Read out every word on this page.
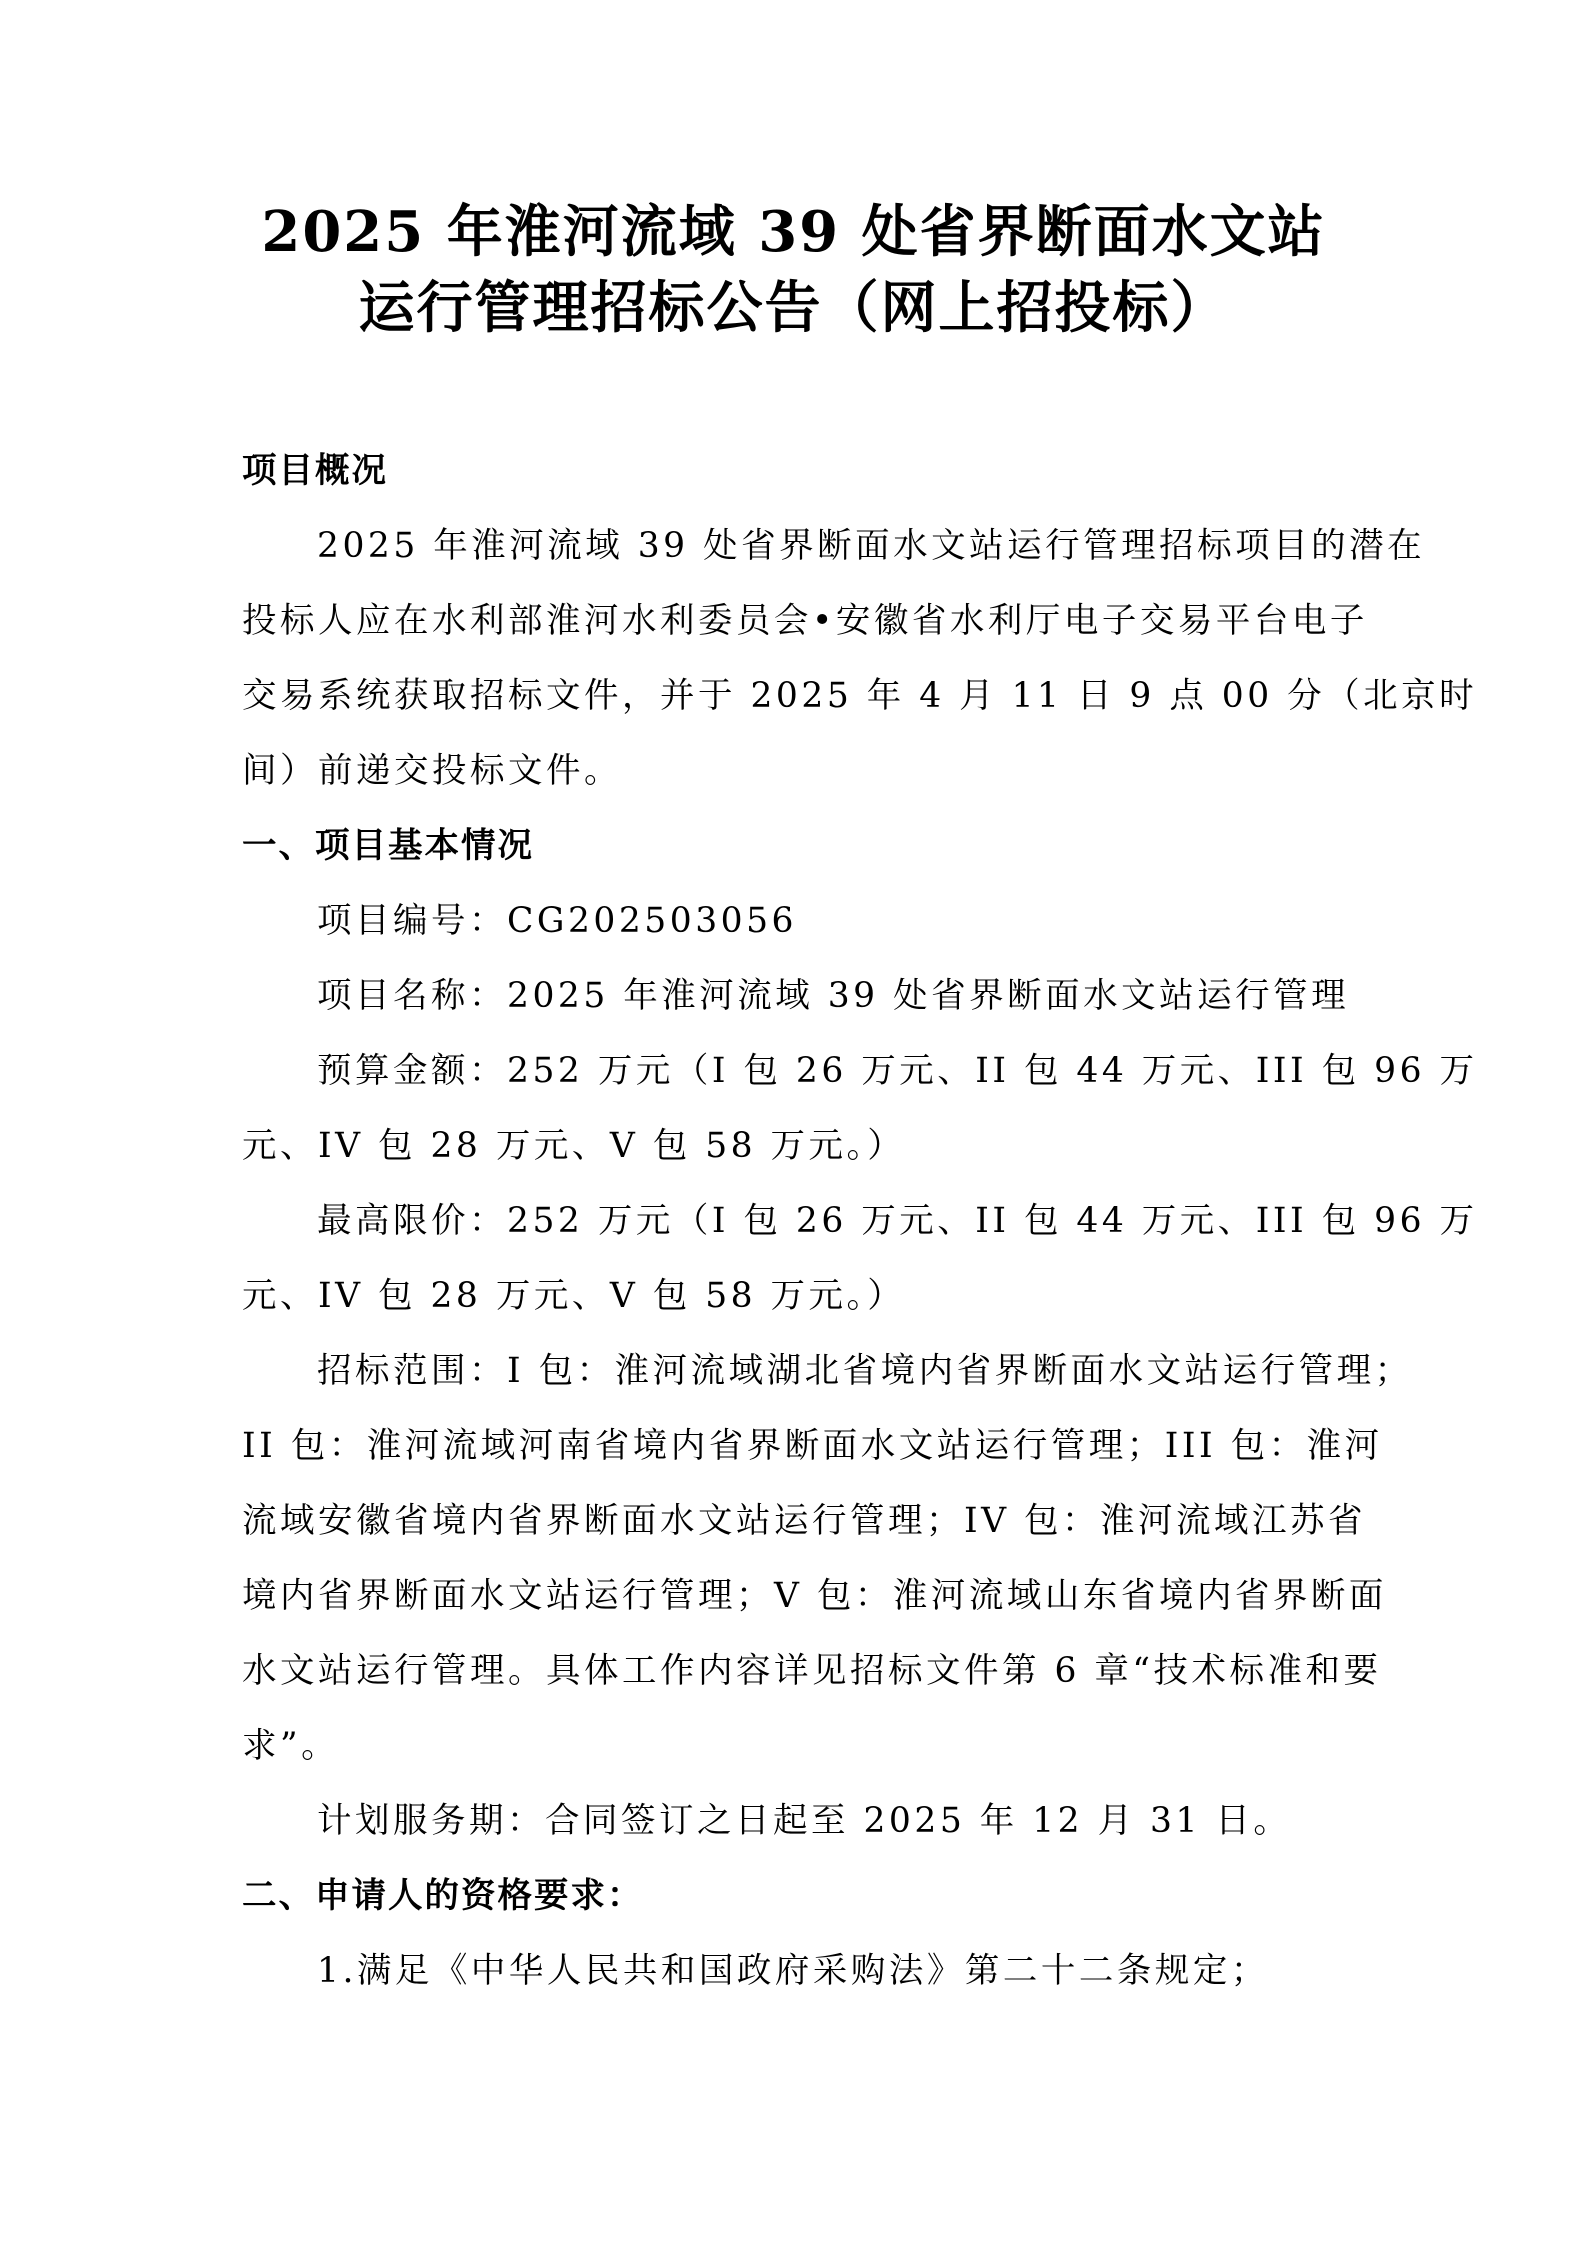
2025 年淮河流域 39 处省界断面水文站
运行管理招标公告（网上招投标）
项目概况
2025 年淮河流域 39 处省界断面水文站运行管理招标项目的潜在
投标人应在水利部淮河水利委员会•安徽省水利厅电子交易平台电子
交易系统获取招标文件，并于 2025 年 4 月 11 日 9 点 00 分（北京时
间）前递交投标文件。
一、项目基本情况
项目编号：CG202503056
项目名称：2025 年淮河流域 39 处省界断面水文站运行管理
预算金额：252 万元（I 包 26 万元、II 包 44 万元、III 包 96 万
元、IV 包 28 万元、V 包 58 万元。）
最高限价：252 万元（I 包 26 万元、II 包 44 万元、III 包 96 万
元、IV 包 28 万元、V 包 58 万元。）
招标范围：I 包：淮河流域湖北省境内省界断面水文站运行管理；
II 包：淮河流域河南省境内省界断面水文站运行管理；III 包：淮河
流域安徽省境内省界断面水文站运行管理；IV 包：淮河流域江苏省
境内省界断面水文站运行管理；V 包：淮河流域山东省境内省界断面
水文站运行管理。具体工作内容详见招标文件第 6 章“技术标准和要
求”。
计划服务期：合同签订之日起至 2025 年 12 月 31 日。
二、申请人的资格要求：
1.满足《中华人民共和国政府采购法》第二十二条规定；
